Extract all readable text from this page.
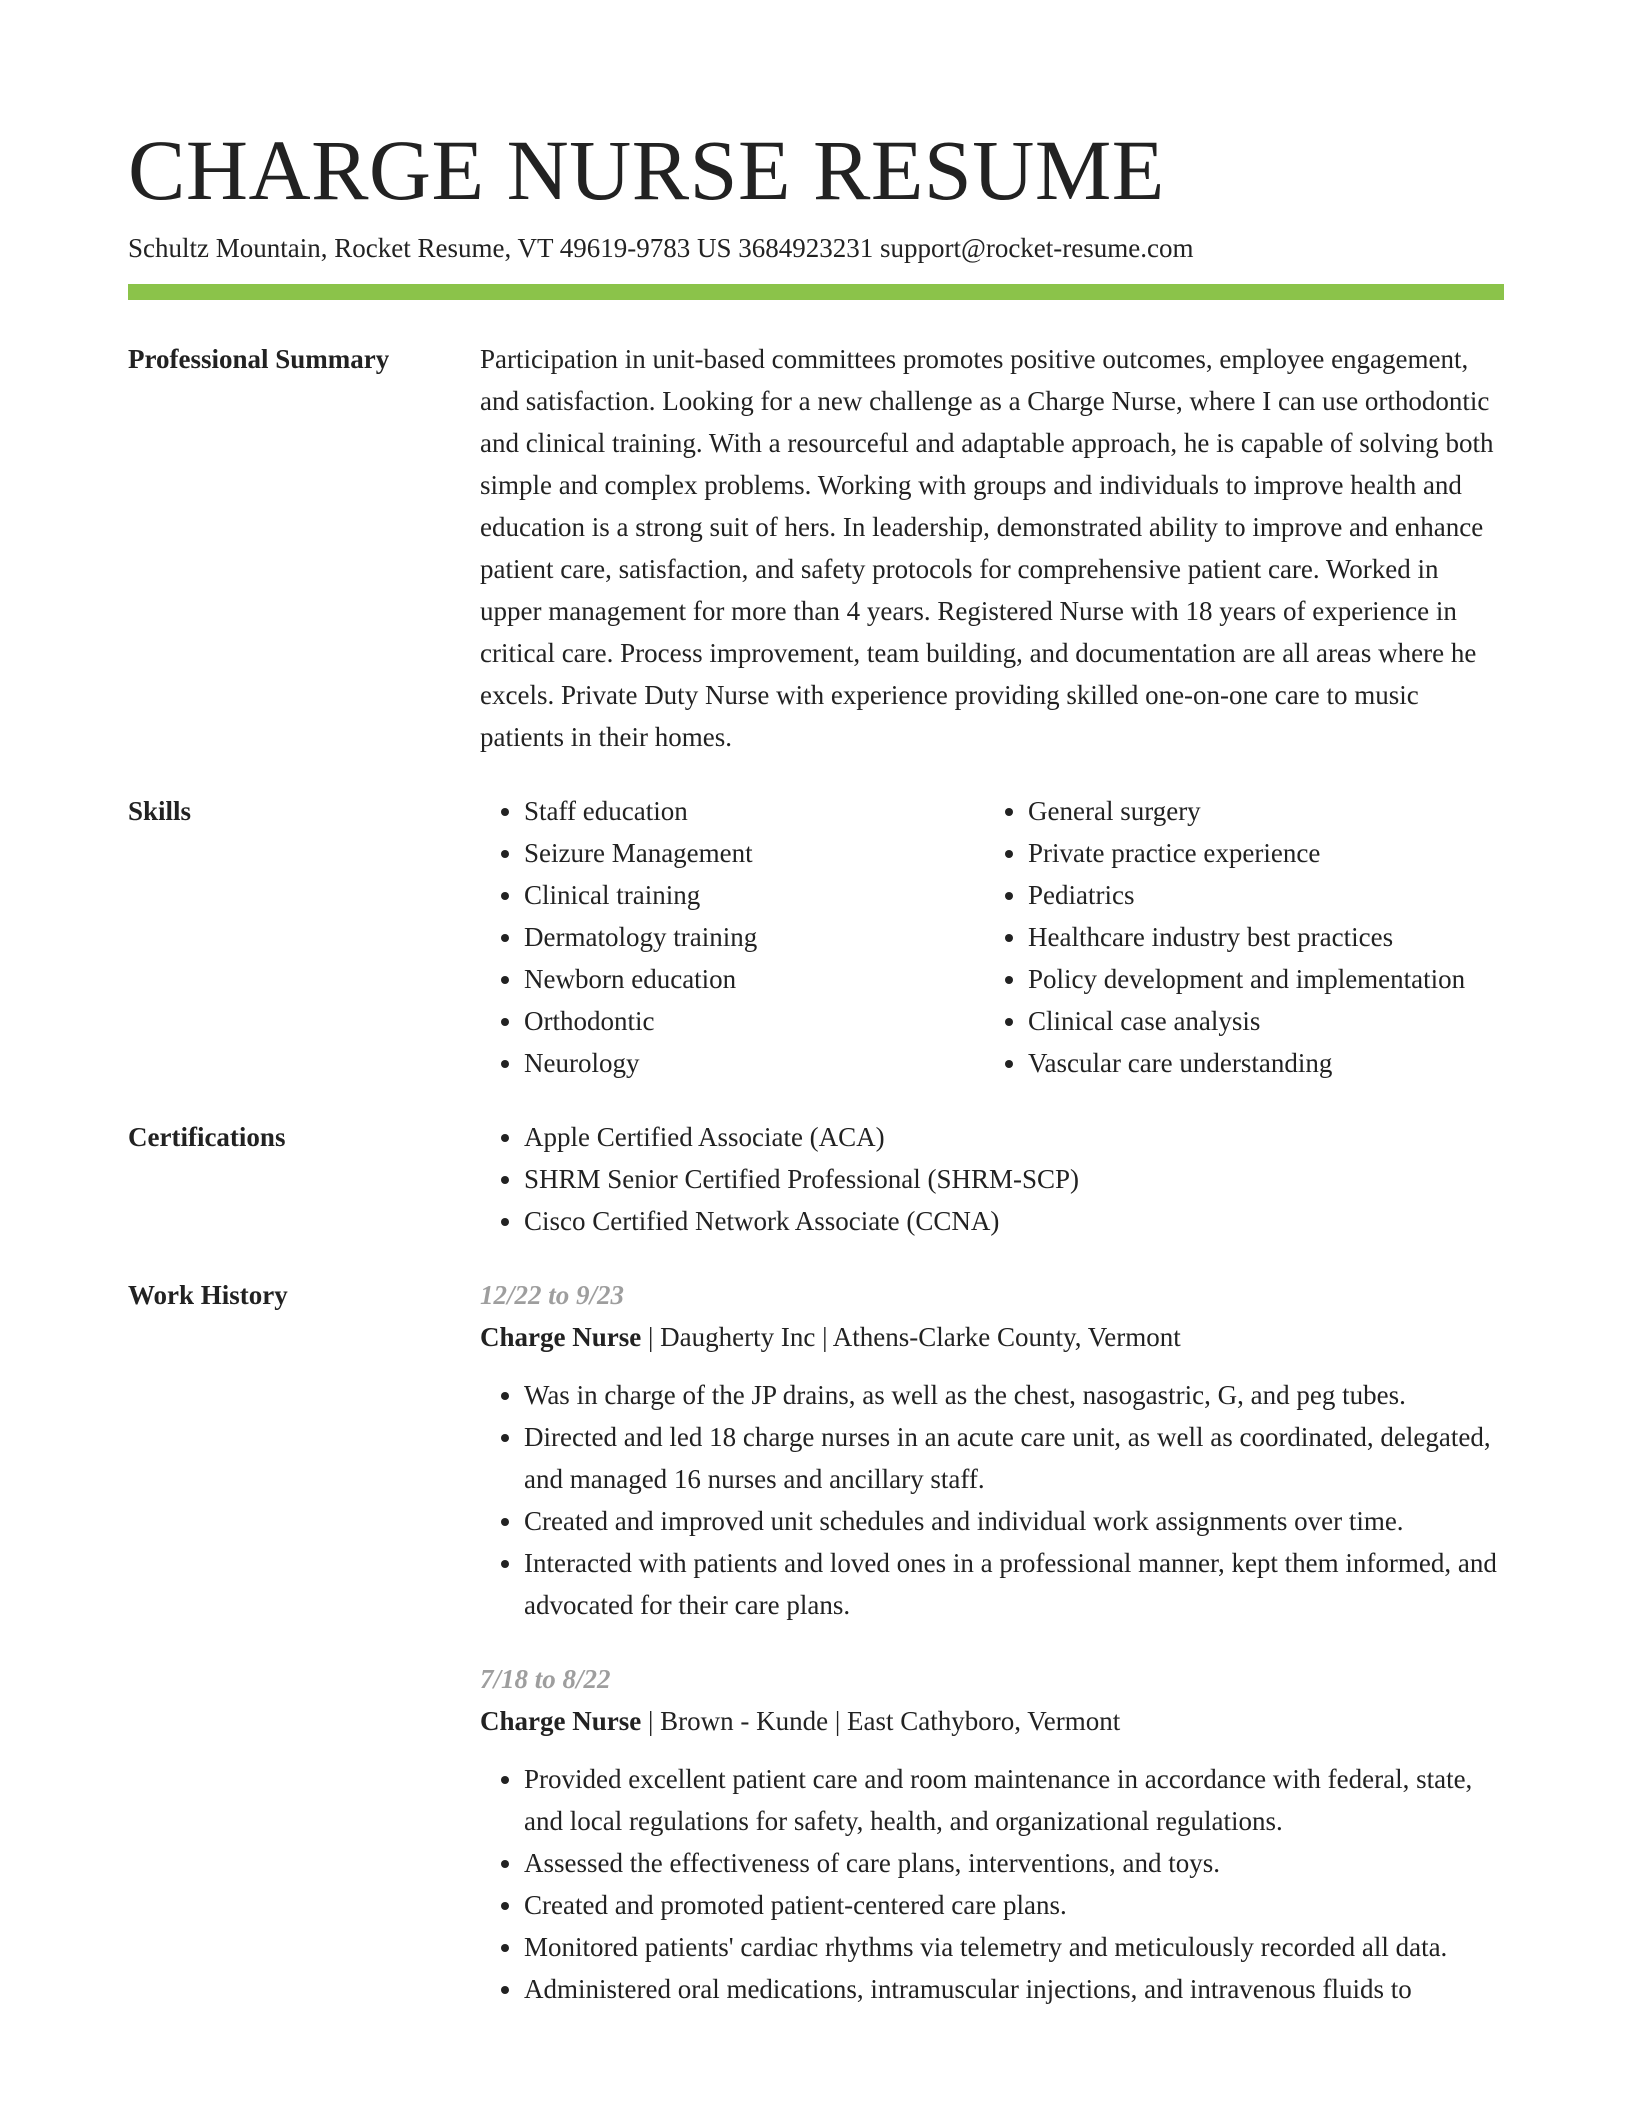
CHARGE NURSE RESUME
Schultz Mountain, Rocket Resume, VT 49619-9783 US 3684923231 support@rocket-resume.com
Professional Summary	Participation in unit-based committees promotes positive outcomes, employee engagement, and satisfaction. Looking for a new challenge as a Charge Nurse, where I can use orthodontic and clinical training. With a resourceful and adaptable approach, he is capable of solving both simple and complex problems. Working with groups and individuals to improve health and education is a strong suit of hers. In leadership, demonstrated ability to improve and enhance patient care, satisfaction, and safety protocols for comprehensive patient care. Worked in upper management for more than 4 years. Registered Nurse with 18 years of experience in critical care. Process improvement, team building, and documentation are all areas where he excels. Private Duty Nurse with experience providing skilled one-on-one care to music patients in their homes.

Skills	• Staff education
• Seizure Management
• Clinical training
• Dermatology training
• Newborn education
• Orthodontic
• Neurology
• General surgery
• Private practice experience
• Pediatrics
• Healthcare industry best practices
• Policy development and implementation
• Clinical case analysis
• Vascular care understanding
Certifications	• Apple Certified Associate (ACA)
• SHRM Senior Certified Professional (SHRM-SCP)
• Cisco Certified Network Associate (CCNA)
Work History	12/22 to 9/23
Charge Nurse | Daugherty Inc | Athens-Clarke County, Vermont
• Was in charge of the JP drains, as well as the chest, nasogastric, G, and peg tubes.
• Directed and led 18 charge nurses in an acute care unit, as well as coordinated, delegated, and managed 16 nurses and ancillary staff.
• Created and improved unit schedules and individual work assignments over time.
• Interacted with patients and loved ones in a professional manner, kept them informed, and advocated for their care plans.
7/18 to 8/22
Charge Nurse | Brown - Kunde | East Cathyboro, Vermont
• Provided excellent patient care and room maintenance in accordance with federal, state, and local regulations for safety, health, and organizational regulations.
• Assessed the effectiveness of care plans, interventions, and toys.
• Created and promoted patient-centered care plans.
• Monitored patients' cardiac rhythms via telemetry and meticulously recorded all data.
• Administered oral medications, intramuscular injections, and intravenous fluids to
